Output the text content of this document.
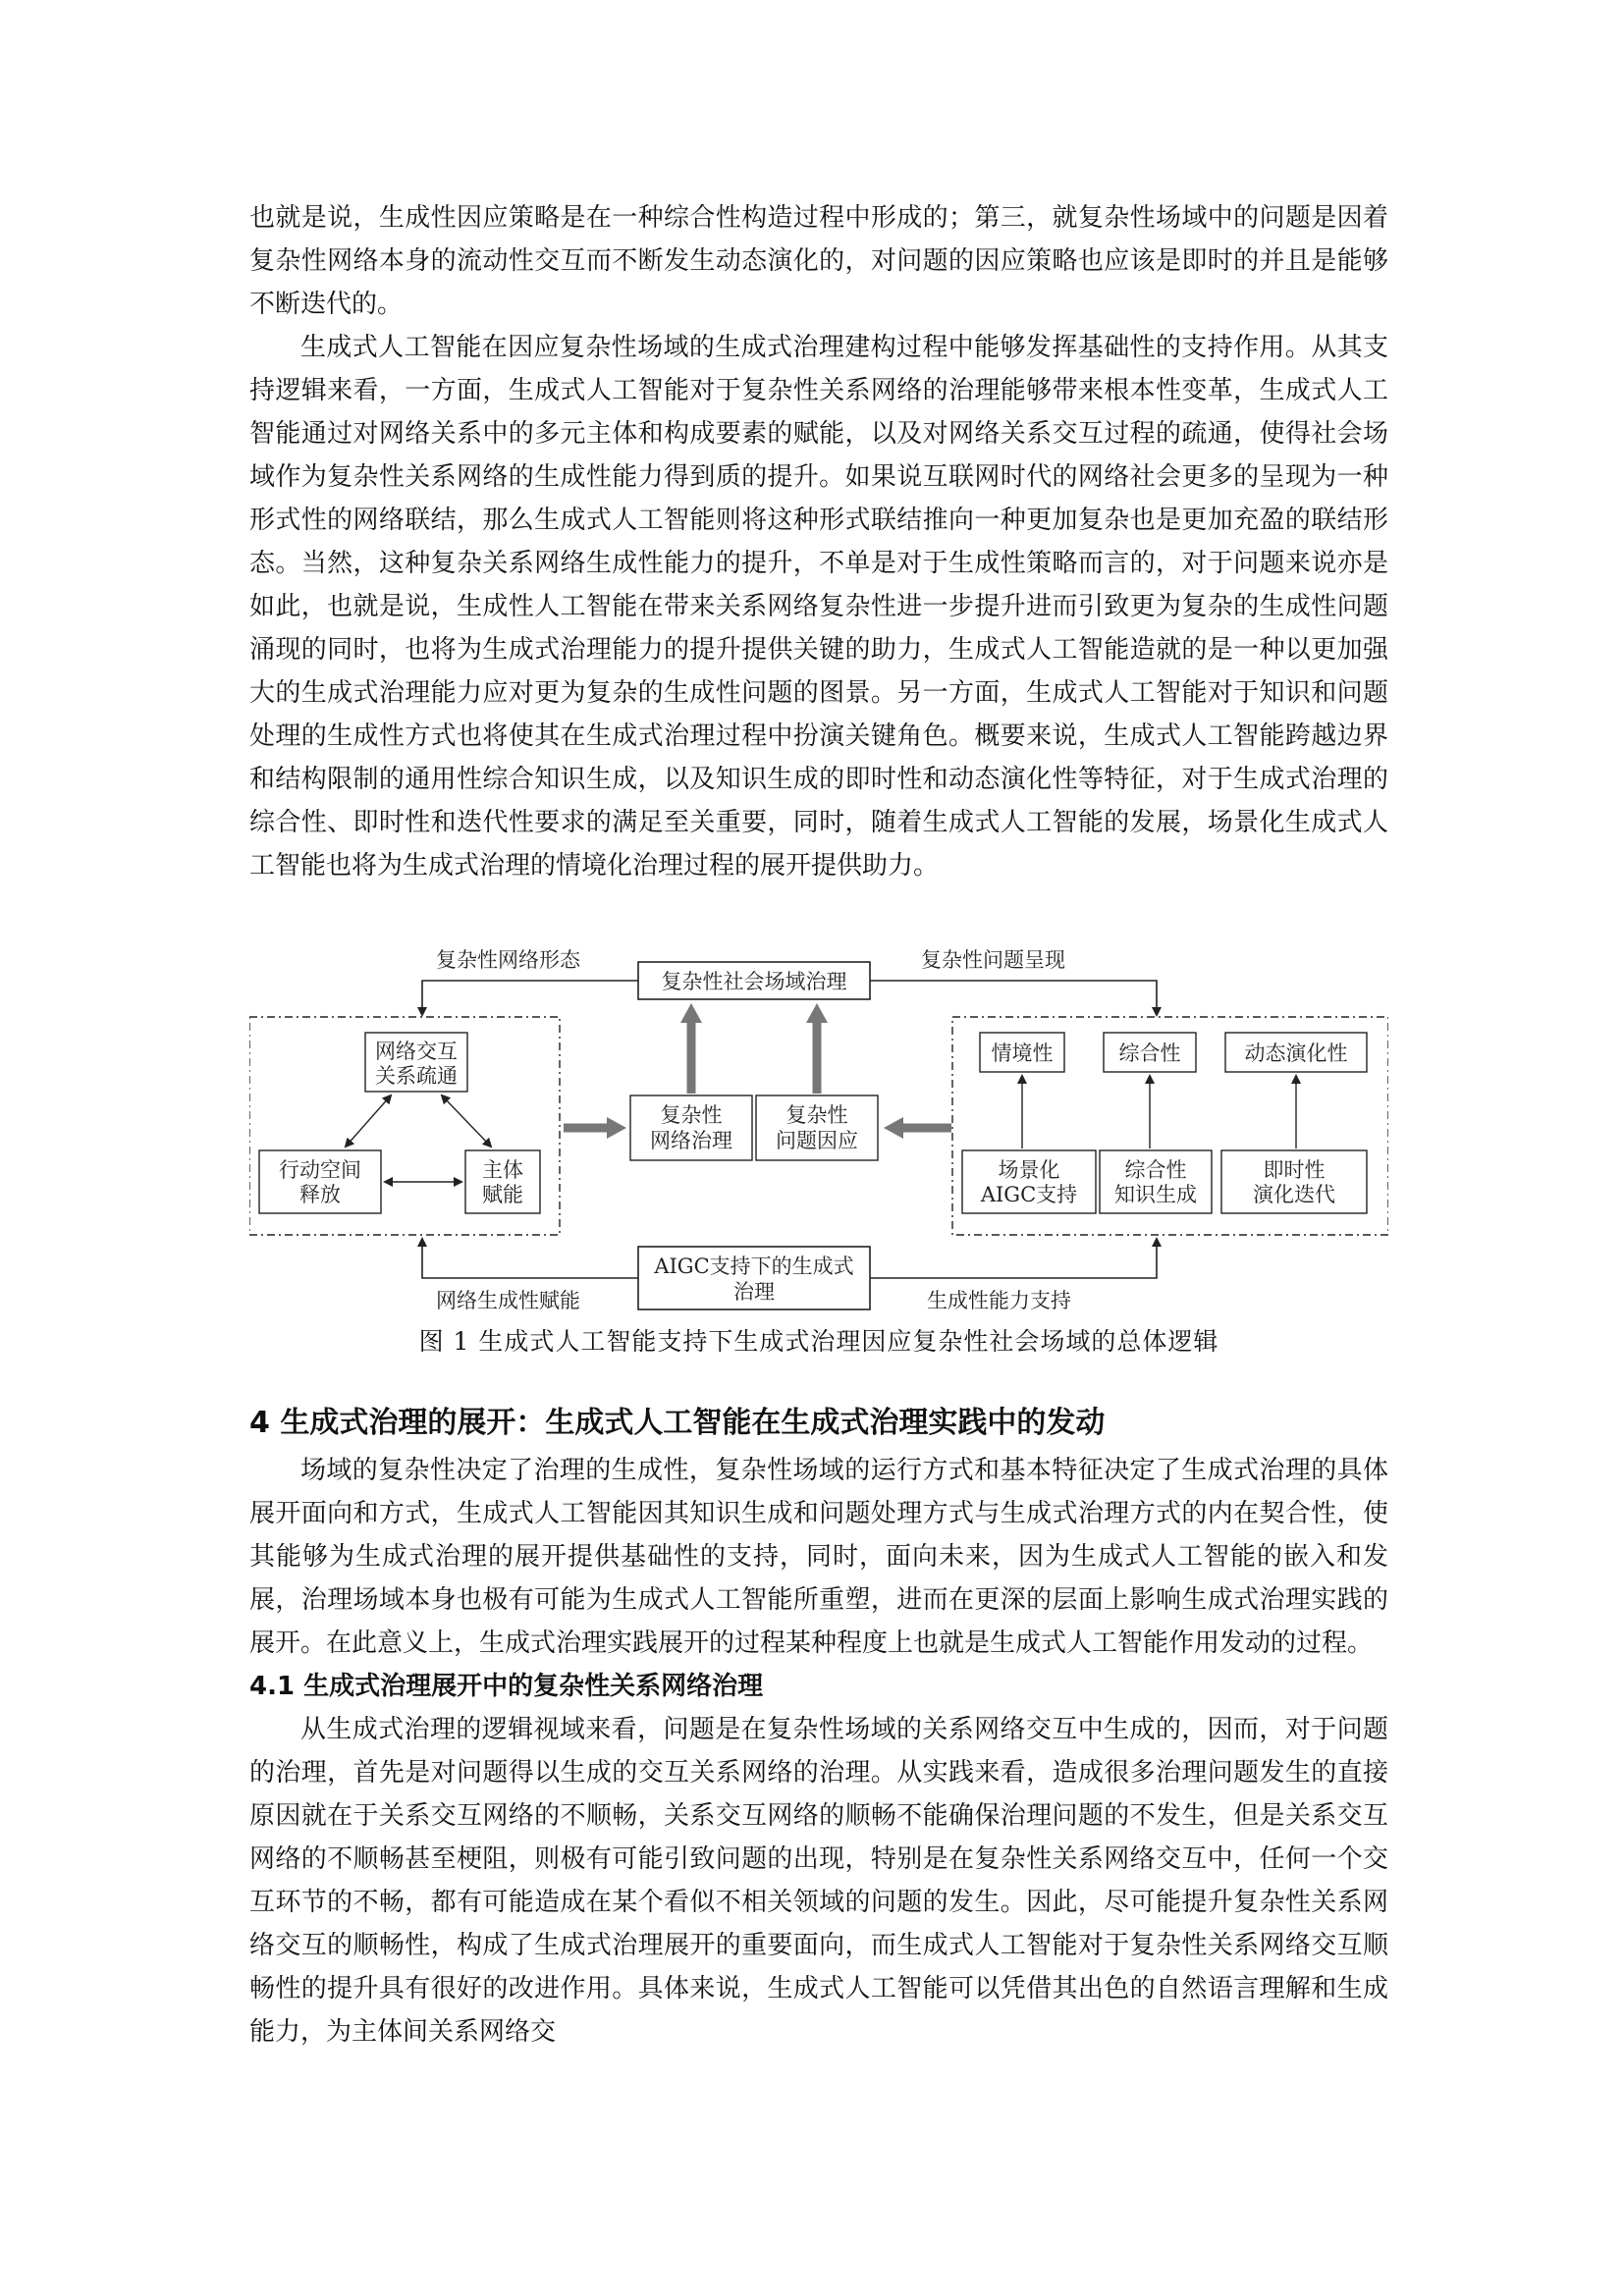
也就是说，生成性因应策略是在一种综合性构造过程中形成的；第三，就复杂性场域中的问题是因着复杂性网络本身的流动性交互而不断发生动态演化的，对问题的因应策略也应该是即时的并且是能够不断迭代的。

生成式人工智能在因应复杂性场域的生成式治理建构过程中能够发挥基础性的支持作用。从其支持逻辑来看，一方面，生成式人工智能对于复杂性关系网络的治理能够带来根本性变革，生成式人工智能通过对网络关系中的多元主体和构成要素的赋能，以及对网络关系交互过程的疏通，使得社会场域作为复杂性关系网络的生成性能力得到质的提升。如果说互联网时代的网络社会更多的呈现为一种形式性的网络联结，那么生成式人工智能则将这种形式联结推向一种更加复杂也是更加充盈的联结形态。当然，这种复杂关系网络生成性能力的提升，不单是对于生成性策略而言的，对于问题来说亦是如此，也就是说，生成性人工智能在带来关系网络复杂性进一步提升进而引致更为复杂的生成性问题涌现的同时，也将为生成式治理能力的提升提供关键的助力，生成式人工智能造就的是一种以更加强大的生成式治理能力应对更为复杂的生成性问题的图景。另一方面，生成式人工智能对于知识和问题处理的生成性方式也将使其在生成式治理过程中扮演关键角色。概要来说，生成式人工智能跨越边界和结构限制的通用性综合知识生成，以及知识生成的即时性和动态演化性等特征，对于生成式治理的综合性、即时性和迭代性要求的满足至关重要，同时，随着生成式人工智能的发展，场景化生成式人工智能也将为生成式治理的情境化治理过程的展开提供助力。

复杂性社会场域治理
复杂性网络形态	复杂性问题呈现
网络交互
关系疏通
行动空间
释放
主体
赋能
复杂性
网络治理
复杂性
问题因应
情境性	综合性	动态演化性
场景化
AIGC支持
综合性
知识生成
即时性
演化迭代
AIGC支持下的生成式
治理
网络生成性赋能	生成性能力支持
图 1 生成式人工智能支持下生成式治理因应复杂性社会场域的总体逻辑
4 生成式治理的展开：生成式人工智能在生成式治理实践中的发动

场域的复杂性决定了治理的生成性，复杂性场域的运行方式和基本特征决定了生成式治理的具体展开面向和方式，生成式人工智能因其知识生成和问题处理方式与生成式治理方式的内在契合性，使其能够为生成式治理的展开提供基础性的支持，同时，面向未来，因为生成式人工智能的嵌入和发展，治理场域本身也极有可能为生成式人工智能所重塑，进而在更深的层面上影响生成式治理实践的展开。在此意义上，生成式治理实践展开的过程某种程度上也就是生成式人工智能作用发动的过程。

4.1 生成式治理展开中的复杂性关系网络治理

从生成式治理的逻辑视域来看，问题是在复杂性场域的关系网络交互中生成的，因而，对于问题的治理，首先是对问题得以生成的交互关系网络的治理。从实践来看，造成很多治理问题发生的直接原因就在于关系交互网络的不顺畅，关系交互网络的顺畅不能确保治理问题的不发生，但是关系交互网络的不顺畅甚至梗阻，则极有可能引致问题的出现，特别是在复杂性关系网络交互中，任何一个交互环节的不畅，都有可能造成在某个看似不相关领域的问题的发生。因此，尽可能提升复杂性关系网络交互的顺畅性，构成了生成式治理展开的重要面向，而生成式人工智能对于复杂性关系网络交互顺畅性的提升具有很好的改进作用。具体来说，生成式人工智能可以凭借其出色的自然语言理解和生成能力，为主体间关系网络交
